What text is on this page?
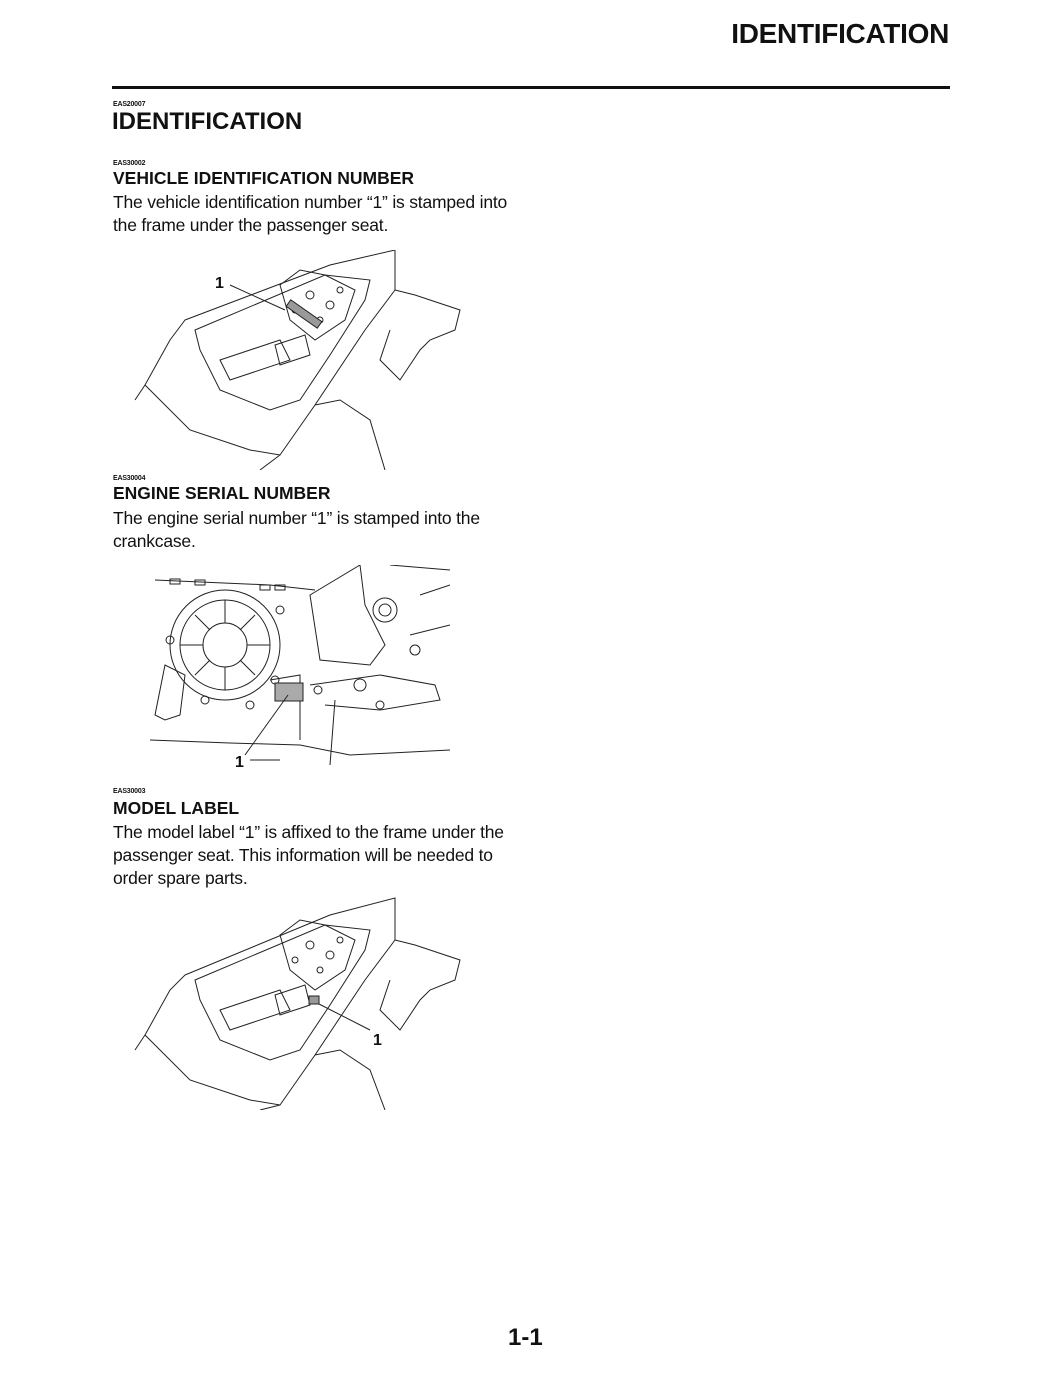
IDENTIFICATION
EAS20007
IDENTIFICATION
EAS30002
VEHICLE IDENTIFICATION NUMBER
The vehicle identification number “1” is stamped into the frame under the passenger seat.
1
EAS30004
ENGINE SERIAL NUMBER
The engine serial number “1” is stamped into the crankcase.
1
EAS30003
MODEL LABEL
The model label “1” is affixed to the frame under the passenger seat. This information will be needed to order spare parts.
1
1-1
